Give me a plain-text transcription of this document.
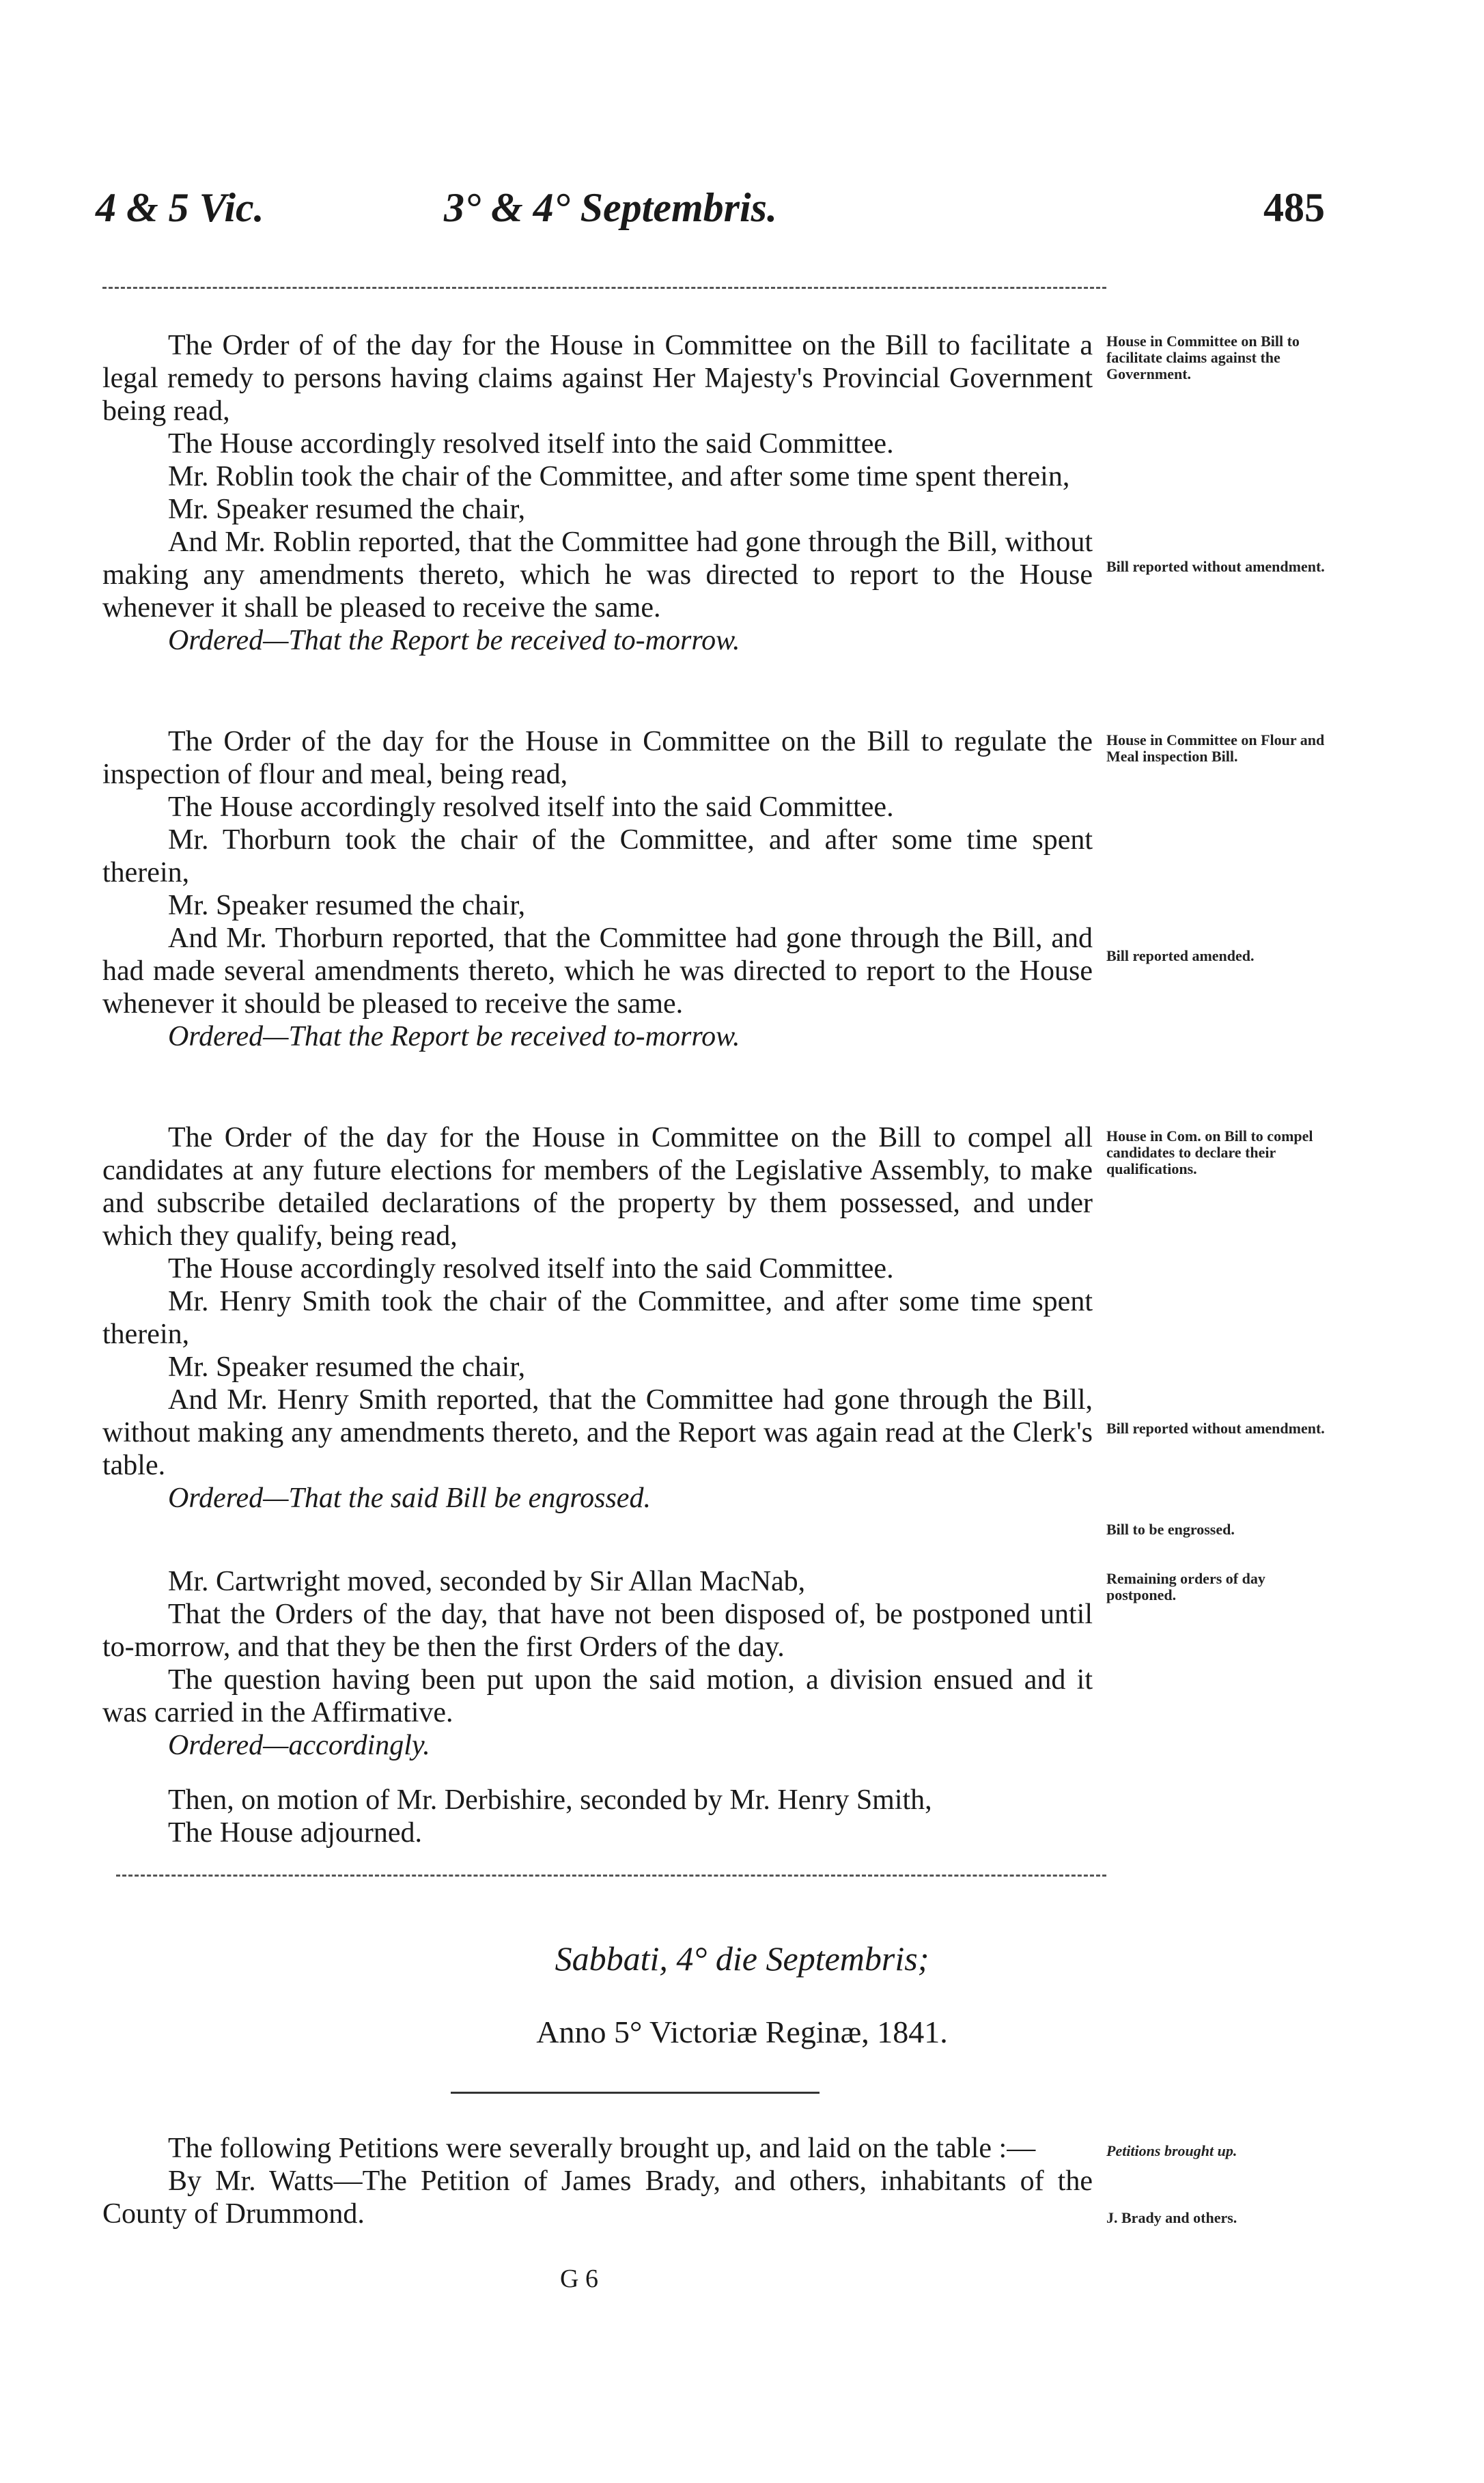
4 & 5 Vic.	3° & 4° Septembris.	485

The Order of of the day for the House in Committee on the Bill to facilitate a legal remedy to persons having claims against Her Majesty's Provincial Government being read,

The House accordingly resolved itself into the said Committee.

Mr. Roblin took the chair of the Committee, and after some time spent therein,

Mr. Speaker resumed the chair,

And Mr. Roblin reported, that the Committee had gone through the Bill, without making any amendments thereto, which he was directed to report to the House whenever it shall be pleased to receive the same.

Ordered—That the Report be received to-morrow.

The Order of the day for the House in Committee on the Bill to regulate the inspection of flour and meal, being read,

The House accordingly resolved itself into the said Committee.

Mr. Thorburn took the chair of the Committee, and after some time spent therein,

Mr. Speaker resumed the chair,

And Mr. Thorburn reported, that the Committee had gone through the Bill, and had made several amendments thereto, which he was directed to report to the House whenever it should be pleased to receive the same.

Ordered—That the Report be received to-morrow.

The Order of the day for the House in Committee on the Bill to compel all candidates at any future elections for members of the Legislative Assembly, to make and subscribe detailed declarations of the property by them possessed, and under which they qualify, being read,

The House accordingly resolved itself into the said Committee.

Mr. Henry Smith took the chair of the Committee, and after some time spent therein,

Mr. Speaker resumed the chair,

And Mr. Henry Smith reported, that the Committee had gone through the Bill, without making any amendments thereto, and the Report was again read at the Clerk's table.

Ordered—That the said Bill be engrossed.

Mr. Cartwright moved, seconded by Sir Allan MacNab,

That the Orders of the day, that have not been disposed of, be postponed until to-morrow, and that they be then the first Orders of the day.

The question having been put upon the said motion, a division ensued and it was carried in the Affirmative.

Ordered—accordingly.

Then, on motion of Mr. Derbishire, seconded by Mr. Henry Smith,

The House adjourned.

Sabbati, 4° die Septembris;
Anno 5° Victoriæ Reginæ, 1841.

The following Petitions were severally brought up, and laid on the table :—

By Mr. Watts—The Petition of James Brady, and others, inhabitants of the County of Drummond.

G 6
House in Committee on Bill to facilitate claims against the Government.
Bill reported without amendment.
House in Committee on Flour and Meal inspection Bill.
Bill reported amended.
House in Com. on Bill to compel candidates to declare their qualifications.
Bill reported without amendment.
Bill to be engrossed.
Remaining orders of day postponed.
Petitions brought up.
J. Brady and others.
